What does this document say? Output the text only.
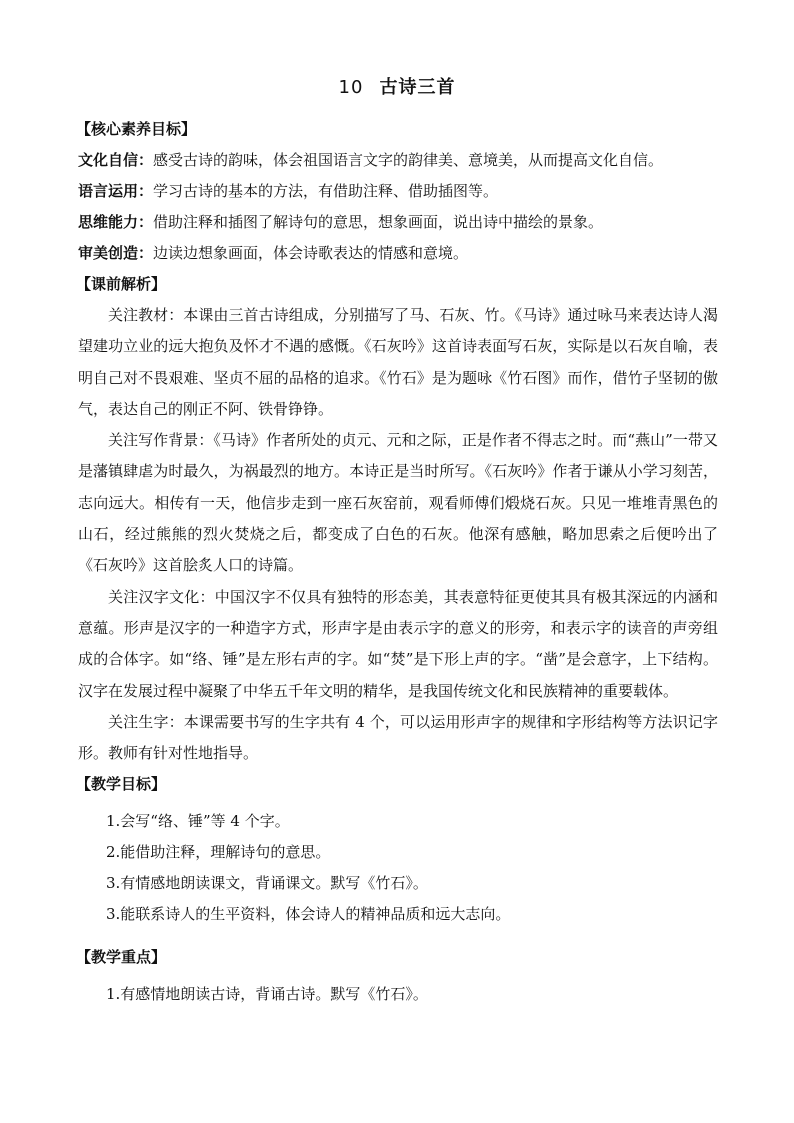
10 古诗三首
【核心素养目标】
文化自信：感受古诗的韵味，体会祖国语言文字的韵律美、意境美，从而提高文化自信。
语言运用：学习古诗的基本的方法，有借助注释、借助插图等。
思维能力：借助注释和插图了解诗句的意思，想象画面，说出诗中描绘的景象。
审美创造：边读边想象画面，体会诗歌表达的情感和意境。
【课前解析】

关注教材：本课由三首古诗组成，分别描写了马、石灰、竹。《马诗》通过咏马来表达诗人渴望建功立业的远大抱负及怀才不遇的感慨。《石灰吟》这首诗表面写石灰，实际是以石灰自喻，表明自己对不畏艰难、坚贞不屈的品格的追求。《竹石》是为题咏《竹石图》而作，借竹子坚韧的傲气，表达自己的刚正不阿、铁骨铮铮。

关注写作背景：《马诗》作者所处的贞元、元和之际，正是作者不得志之时。而“燕山”一带又是藩镇肆虐为时最久，为祸最烈的地方。本诗正是当时所写。《石灰吟》作者于谦从小学习刻苦，志向远大。相传有一天，他信步走到一座石灰窑前，观看师傅们煅烧石灰。只见一堆堆青黑色的山石，经过熊熊的烈火焚烧之后，都变成了白色的石灰。他深有感触，略加思索之后便吟出了《石灰吟》这首脍炙人口的诗篇。

关注汉字文化：中国汉字不仅具有独特的形态美，其表意特征更使其具有极其深远的内涵和意蕴。形声是汉字的一种造字方式，形声字是由表示字的意义的形旁，和表示字的读音的声旁组成的合体字。如“络、锤”是左形右声的字。如“焚”是下形上声的字。“凿”是会意字，上下结构。汉字在发展过程中凝聚了中华五千年文明的精华，是我国传统文化和民族精神的重要载体。

关注生字：本课需要书写的生字共有 4 个，可以运用形声字的规律和字形结构等方法识记字形。教师有针对性地指导。

【教学目标】
1.会写“络、锤”等 4 个字。
2.能借助注释，理解诗句的意思。
3.有情感地朗读课文，背诵课文。默写《竹石》。
3.能联系诗人的生平资料，体会诗人的精神品质和远大志向。
【教学重点】
1.有感情地朗读古诗，背诵古诗。默写《竹石》。
